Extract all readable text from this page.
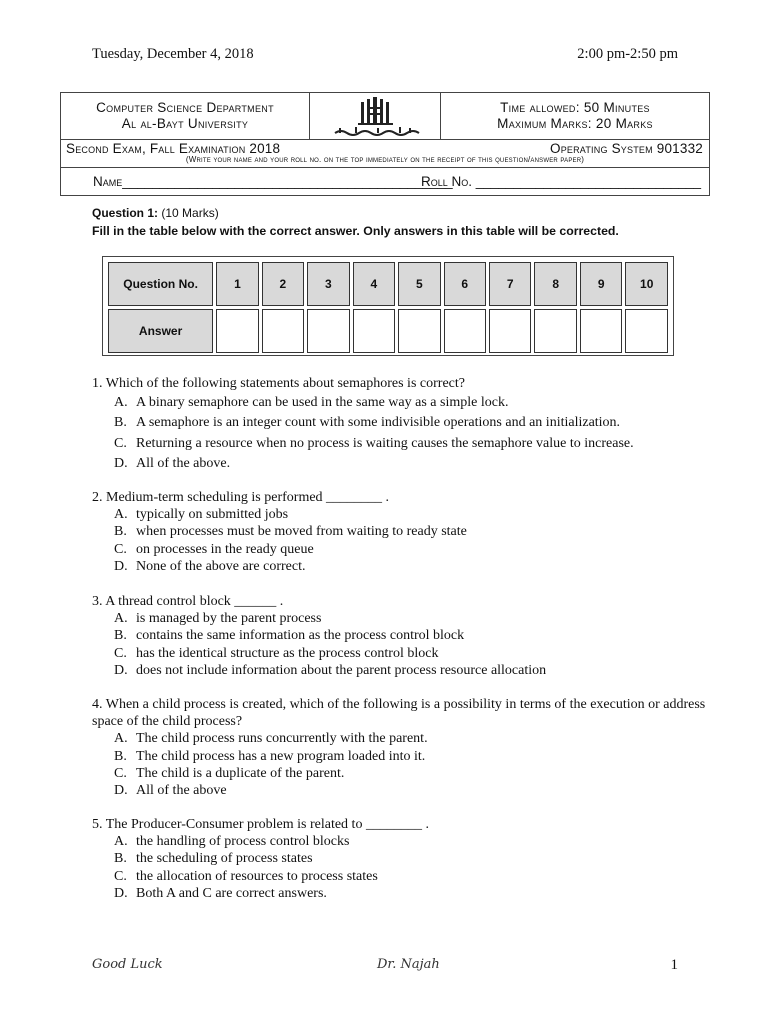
Tuesday, December 4, 2018	2:00 pm-2:50 pm
Computer Science Department
Al al-Bayt University
Time allowed: 50 Minutes
Maximum Marks: 20 Marks
Second Exam, Fall Examination 2018	Operating System 901332
(Write your name and your roll no. on the top immediately on the receipt of this question/answer paper)
Name____________________________________________
Roll No. ______________________________
Question 1: (10 Marks)
Fill in the table below with the correct answer. Only answers in this table will be corrected.
Question No.	1	2	3	4	5	6	7	8	9	10
Answer										
1. Which of the following statements about semaphores is correct?
A. A binary semaphore can be used in the same way as a simple lock.
B. A semaphore is an integer count with some indivisible operations and an initialization.
C. Returning a resource when no process is waiting causes the semaphore value to increase.
D. All of the above.
2. Medium-term scheduling is performed ________ .
A. typically on submitted jobs
B. when processes must be moved from waiting to ready state
C. on processes in the ready queue
D. None of the above are correct.
3. A thread control block ______ .
A. is managed by the parent process
B. contains the same information as the process control block
C. has the identical structure as the process control block
D. does not include information about the parent process resource allocation
4. When a child process is created, which of the following is a possibility in terms of the execution or address space of the child process?
A. The child process runs concurrently with the parent.
B. The child process has a new program loaded into it.
C. The child is a duplicate of the parent.
D. All of the above
5. The Producer-Consumer problem is related to ________ .
A. the handling of process control blocks
B. the scheduling of process states
C. the allocation of resources to process states
D. Both A and C are correct answers.
Good Luck	Dr. Najah	1
